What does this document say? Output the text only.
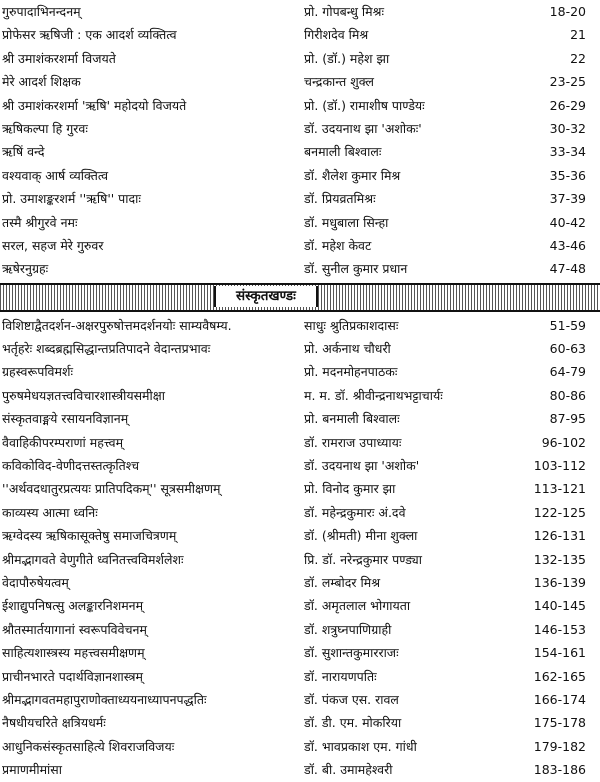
गुरुपादाभिनन्दनम्	प्रो. गोपबन्धु मिश्रः	18-20
प्रोफेसर ऋषिजी : एक आदर्श व्यक्तित्व	गिरीशदेव मिश्र	21
श्री उमाशंकरशर्मा विजयते	प्रो. (डॉ.) महेश झा	22
मेरे आदर्श शिक्षक	चन्द्रकान्त शुक्ल	23-25
श्री उमाशंकरशर्मा 'ऋषि' महोदयो विजयते	प्रो. (डॉ.) रामाशीष पाण्डेयः	26-29
ऋषिकल्पा हि गुरवः	डॉ. उदयनाथ झा 'अशोकः'	30-32
ऋषिं वन्दे	बनमाली बिश्वालः	33-34
वश्यवाक् आर्ष व्यक्तित्व	डॉ. शैलेश कुमार मिश्र	35-36
प्रो. उमाशङ्करशर्म ''ऋषि'' पादाः	डॉ. प्रियव्रतमिश्रः	37-39
तस्मै श्रीगुरवे नमः	डॉ. मधुबाला सिन्हा	40-42
सरल, सहज मेरे गुरुवर	डॉ. महेश केवट	43-46
ऋषेरनुग्रहः	डॉ. सुनील कुमार प्रधान	47-48
संस्कृतखण्डः
विशिष्टाद्वैतदर्शन-अक्षरपुरुषोत्तमदर्शनयोः साम्यवैषम्य.	साधुः श्रुतिप्रकाशदासः	51-59
भर्तृहरेः शब्दब्रह्मसिद्धान्तप्रतिपादने वेदान्तप्रभावः	प्रो. अर्कनाथ चौधरी	60-63
ग्रहस्वरूपविमर्शः	प्रो. मदनमोहनपाठकः	64-79
पुरुषमेधयज्ञतत्त्वविचारशास्त्रीयसमीक्षा	म. म. डॉ. श्रीवीन्द्रनाथभट्टाचार्यः	80-86
संस्कृतवाङ्मये रसायनविज्ञानम्	प्रो. बनमाली बिश्वालः	87-95
वैवाहिकीपरम्पराणां महत्त्वम्	डॉ. रामराज उपाध्यायः	96-102
कविकोविद-वेणीदत्तस्तत्कृतिश्च	डॉ. उदयनाथ झा 'अशोक'	103-112
''अर्थवदधातुरप्रत्ययः प्रातिपदिकम्'' सूत्रसमीक्षणम्	प्रो. विनोद कुमार झा	113-121
काव्यस्य आत्मा ध्वनिः	डॉ. महेन्द्रकुमारः अं.दवे	122-125
ऋग्वेदस्य ऋषिकासूक्तेषु समाजचित्रणम्	डॉ. (श्रीमती) मीना शुक्ला	126-131
श्रीमद्भागवते वेणुगीते ध्वनितत्त्वविमर्शलेशः	प्रि. डॉ. नरेन्द्रकुमार पण्ड्या	132-135
वेदापौरुषेयत्वम्	डॉ. लम्बोदर मिश्र	136-139
ईशाद्युपनिषत्सु अलङ्कारनिशमनम्	डॉ. अमृतलाल भोगायता	140-145
श्रौतस्मार्तयागानां स्वरूपविवेचनम्	डॉ. शत्रुघ्नपाणिग्राही	146-153
साहित्यशास्त्रस्य महत्त्वसमीक्षणम्	डॉ. सुशान्तकुमारराजः	154-161
प्राचीनभारते पदार्थविज्ञानशास्त्रम्	डॉ. नारायणपतिः	162-165
श्रीमद्भागवतमहापुराणोक्ताध्ययनाध्यापनपद्धतिः	डॉ. पंकज एस. रावल	166-174
नैषधीयचरिते क्षत्रियधर्मः	डॉ. डी. एम. मोकरिया	175-178
आधुनिकसंस्कृतसाहित्ये शिवराजविजयः	डॉ. भावप्रकाश एम. गांधी	179-182
प्रमाणमीमांसा	डॉ. बी. उमामहेश्वरी	183-186
